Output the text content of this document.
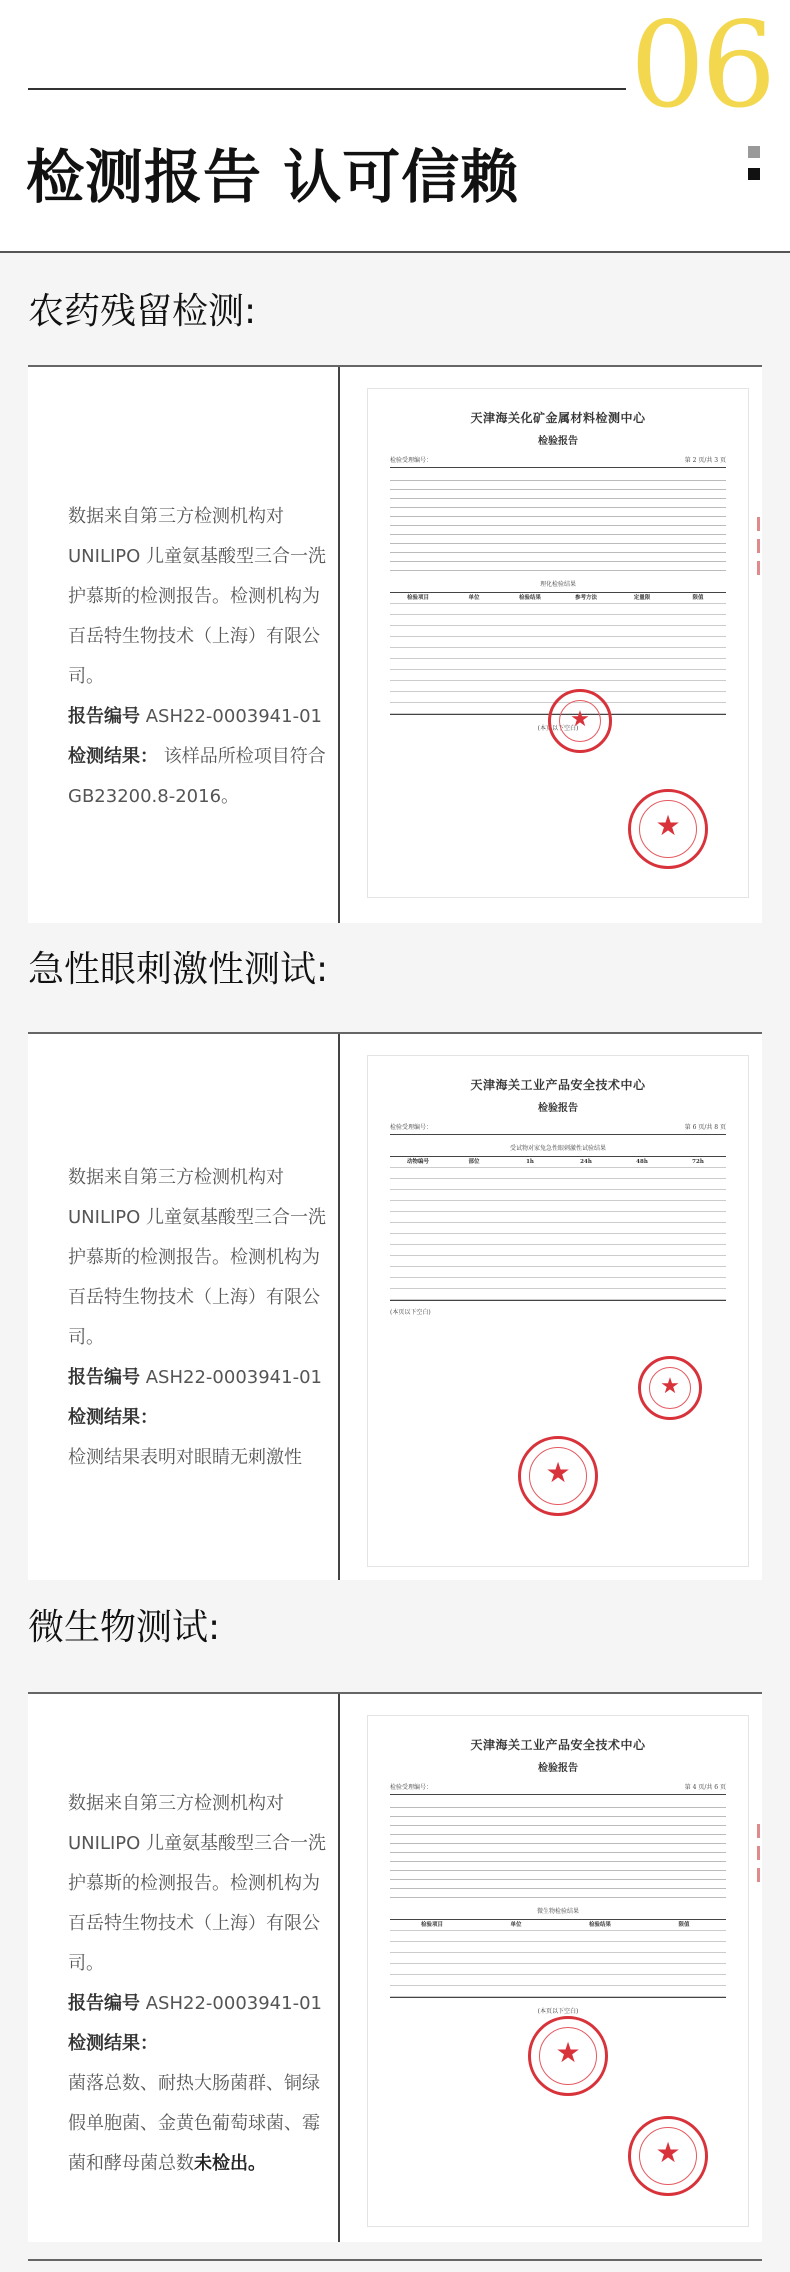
06
检测报告 认可信赖
农药残留检测:

数据来自第三方检测机构对UNILIPO 儿童氨基酸型三合一洗护慕斯的检测报告。检测机构为百岳特生物技术（上海）有限公司。

报告编号 ASH22-0003941-01

检测结果： 该样品所检项目符合 GB23200.8-2016。

天津海关化矿金属材料检测中心
检验报告
检验受理编号：	第 2 页/共 3 页
理化检验结果
检验项目	单位	检验结果	参考方法	定量限	限值
(本页以下空白)
★
★
急性眼刺激性测试:

数据来自第三方检测机构对UNILIPO 儿童氨基酸型三合一洗护慕斯的检测报告。检测机构为百岳特生物技术（上海）有限公司。

报告编号 ASH22-0003941-01

检测结果：

检测结果表明对眼睛无刺激性

天津海关工业产品安全技术中心
检验报告
检验受理编号：	第 6 页/共 8 页
受试物对家兔急性眼刺激性试验结果
动物编号	部位	1h	24h	48h	72h
(本页以下空白)
★
★
微生物测试:

数据来自第三方检测机构对UNILIPO 儿童氨基酸型三合一洗护慕斯的检测报告。检测机构为百岳特生物技术（上海）有限公司。

报告编号 ASH22-0003941-01

检测结果：

菌落总数、耐热大肠菌群、铜绿假单胞菌、金黄色葡萄球菌、霉菌和酵母菌总数未检出。

天津海关工业产品安全技术中心
检验报告
检验受理编号：	第 4 页/共 6 页
微生物检验结果
检验项目	单位	检验结果	限值
(本页以下空白)
★
★
